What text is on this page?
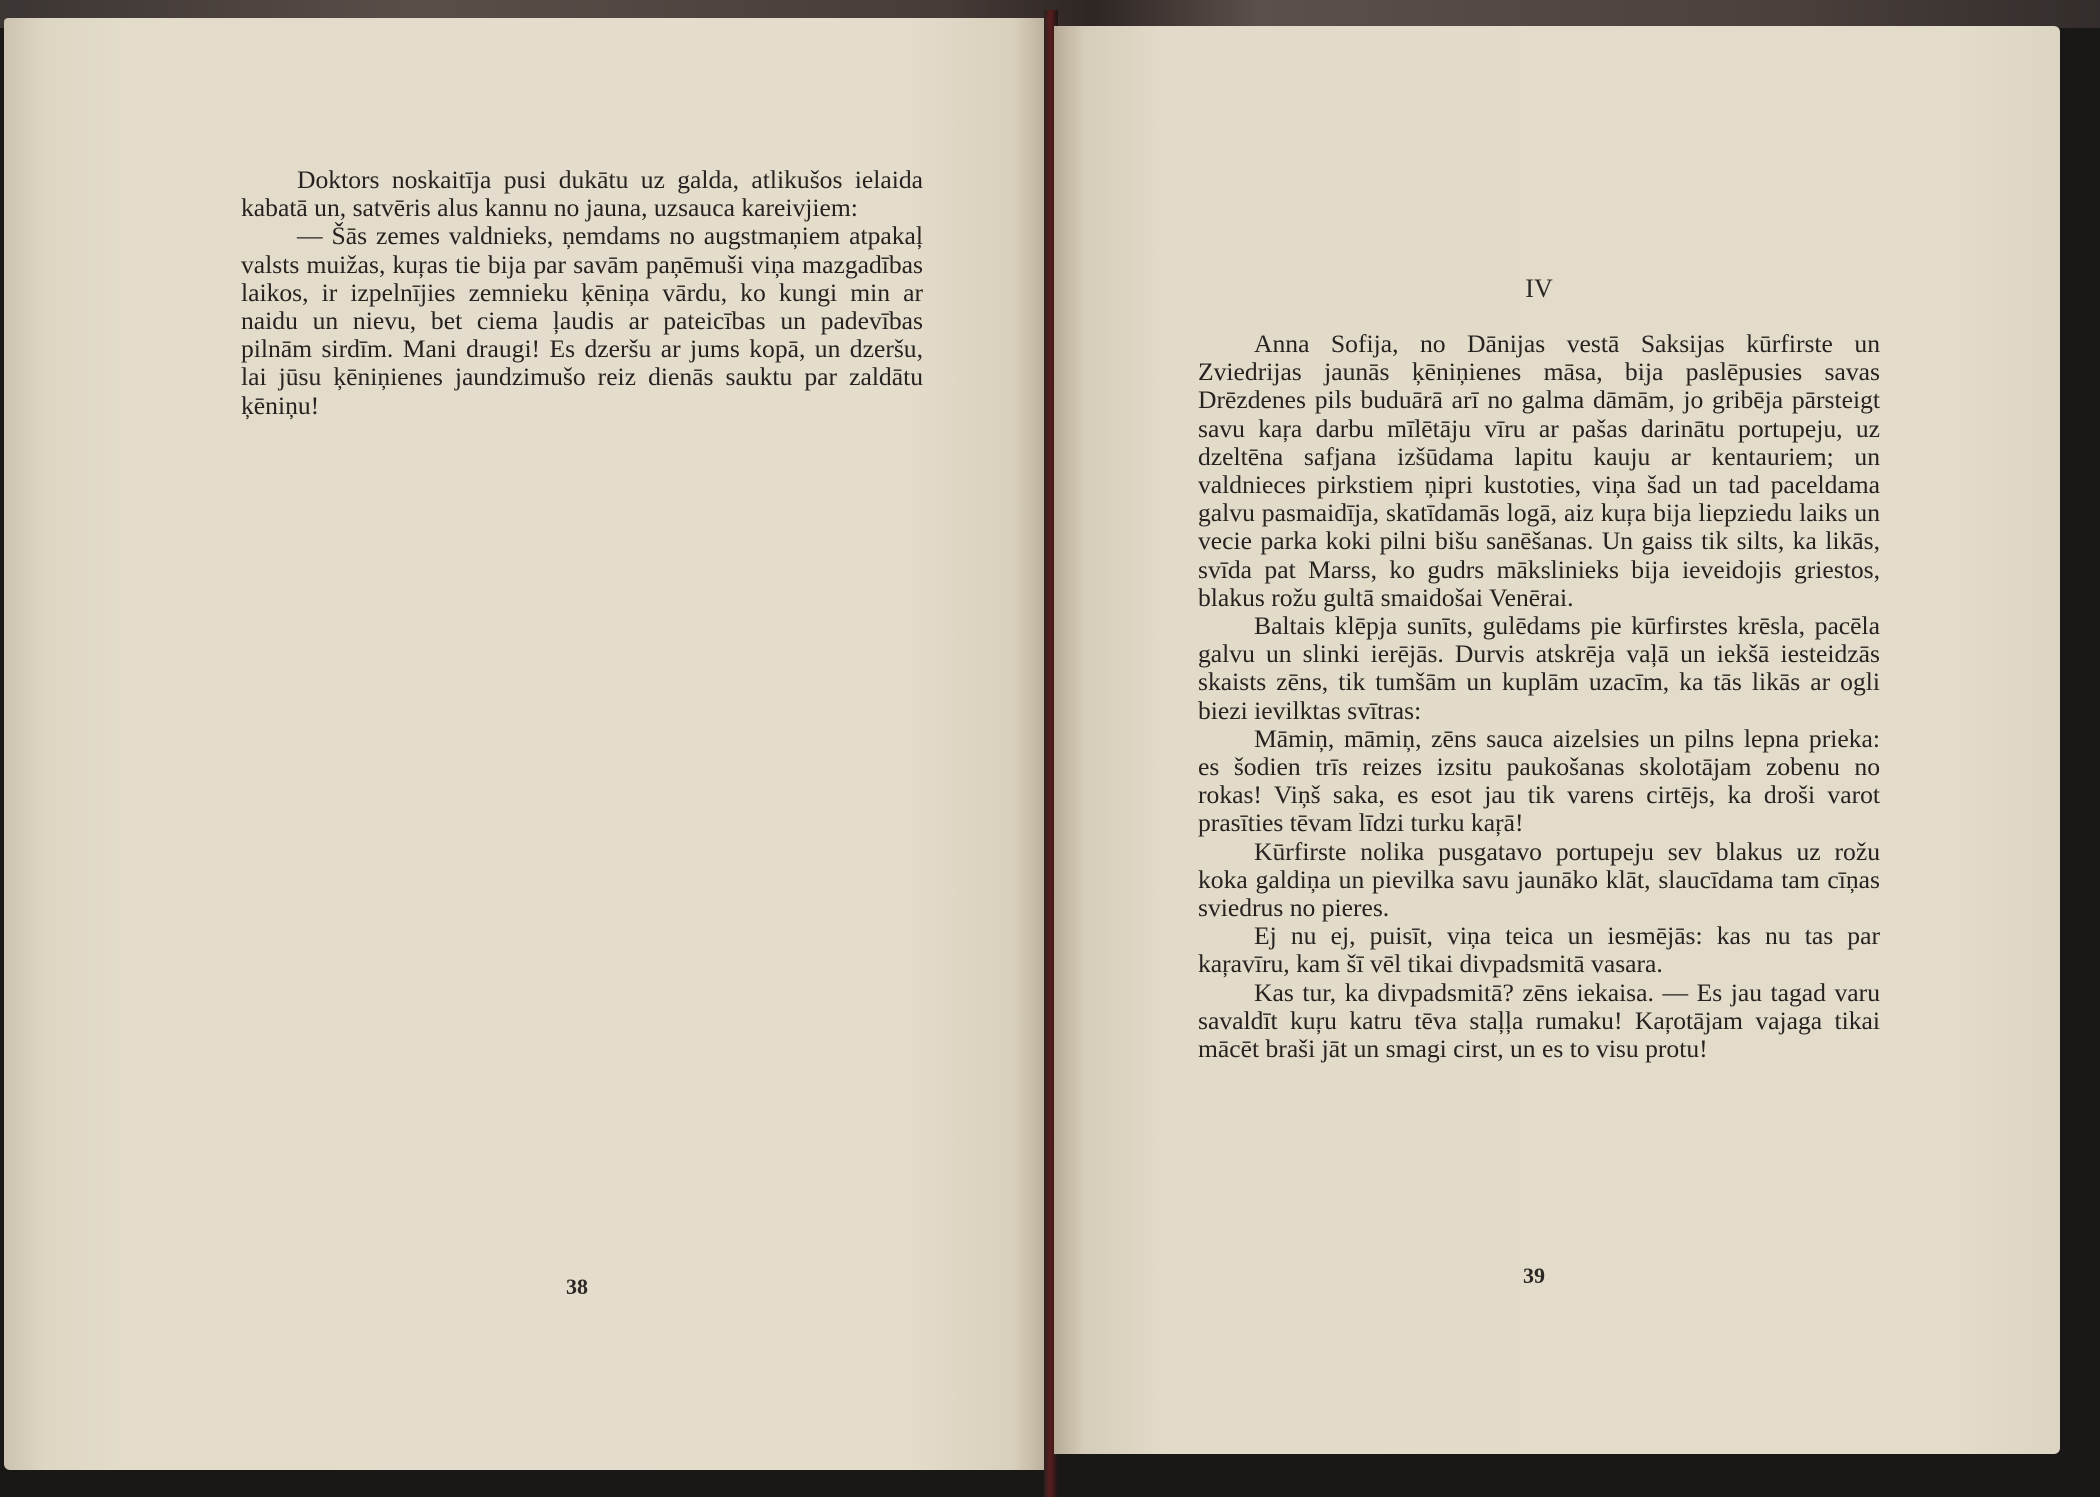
Doktors noskaitīja pusi dukātu uz galda, atlikušos ielaida kabatā un, satvēris alus kannu no jauna, uzsauca kareivjiem:

— Šās zemes valdnieks, ņemdams no augstmaņiem atpakaļ valsts muižas, kuŗas tie bija par savām paņēmuši viņa mazgadības laikos, ir izpelnījies zemnieku ķēniņa vārdu, ko kungi min ar naidu un nievu, bet ciema ļaudis ar pateicības un padevības pilnām sirdīm. Mani draugi! Es dzeršu ar jums kopā, un dzeršu, lai jūsu ķēniņienes jaundzimušo reiz dienās sauktu par zaldātu ķēniņu!

38
IV

Anna Sofija, no Dānijas vestā Saksijas kūrfirste un Zviedrijas jaunās ķēniņienes māsa, bija paslēpusies savas Drēzdenes pils buduārā arī no galma dāmām, jo gribēja pārsteigt savu kaŗa darbu mīlētāju vīru ar pašas darinātu portupeju, uz dzeltēna safjana izšūdama lapitu kauju ar kentauriem; un valdnieces pirkstiem ņipri kustoties, viņa šad un tad paceldama galvu pasmaidīja, skatīdamās logā, aiz kuŗa bija liepziedu laiks un vecie parka koki pilni bišu sanēšanas. Un gaiss tik silts, ka likās, svīda pat Marss, ko gudrs mākslinieks bija ieveidojis griestos, blakus rožu gultā smaidošai Venērai.

Baltais klēpja sunīts, gulēdams pie kūrfirstes krēsla, pacēla galvu un slinki ierējās. Durvis atskrēja vaļā un iekšā iesteidzās skaists zēns, tik tumšām un kuplām uzacīm, ka tās likās ar ogli biezi ievilktas svītras:

Māmiņ, māmiņ, zēns sauca aizelsies un pilns lepna prieka: es šodien trīs reizes izsitu paukošanas skolotājam zobenu no rokas! Viņš saka, es esot jau tik varens cirtējs, ka droši varot prasīties tēvam līdzi turku kaŗā!

Kūrfirste nolika pusgatavo portupeju sev blakus uz rožu koka galdiņa un pievilka savu jaunāko klāt, slaucīdama tam cīņas sviedrus no pieres.

Ej nu ej, puisīt, viņa teica un iesmējās: kas nu tas par kaŗavīru, kam šī vēl tikai divpadsmitā vasara.

Kas tur, ka divpadsmitā? zēns iekaisa. — Es jau tagad varu savaldīt kuŗu katru tēva staļļa rumaku! Kaŗotājam vajaga tikai mācēt braši jāt un smagi cirst, un es to visu protu!

39
